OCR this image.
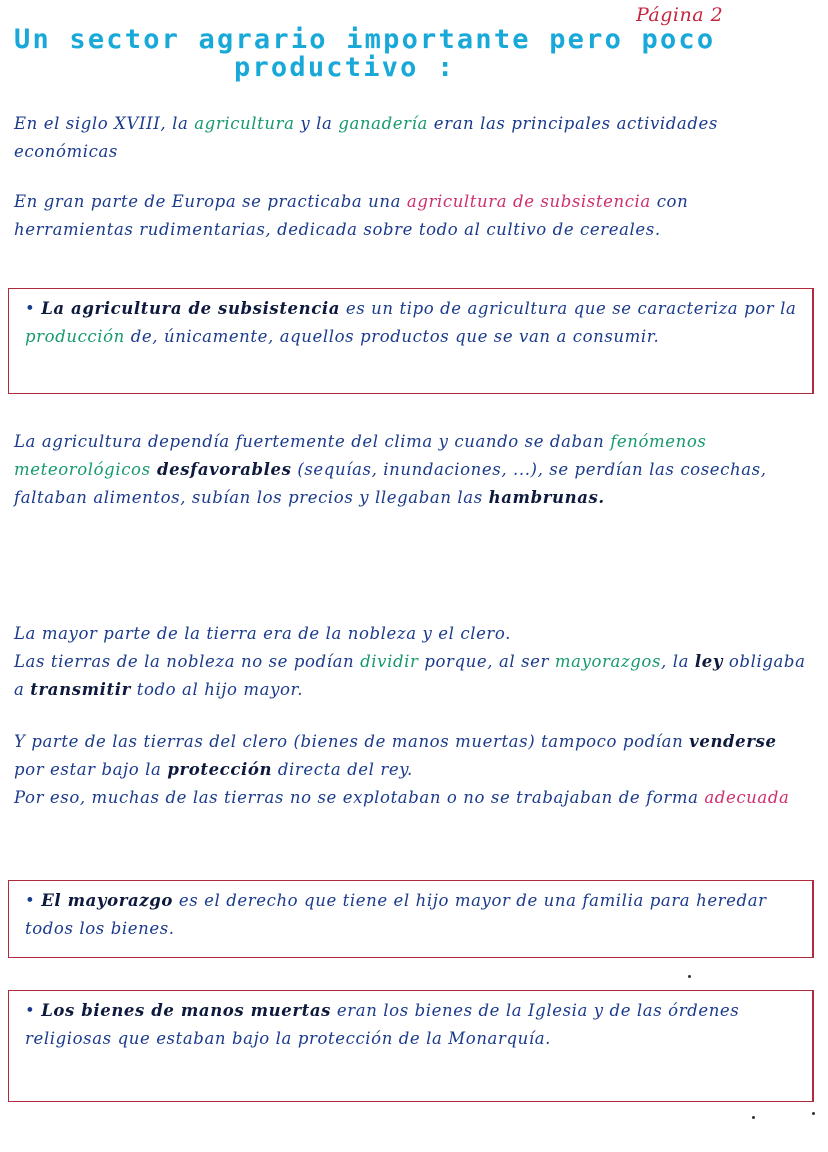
Página 2
Un sector agrario importante pero poco
productivo :

En el siglo XVIII, la agricultura y la ganadería eran las principales actividades económicas

En gran parte de Europa se practicaba una agricultura de subsistencia con herramientas rudimentarias, dedicada sobre todo al cultivo de cereales.

• La agricultura de subsistencia es un tipo de agricultura que se caracteriza por la producción de, únicamente, aquellos productos que se van a consumir.

La agricultura dependía fuertemente del clima y cuando se daban fenómenos meteorológicos desfavorables (sequías, inundaciones, ...), se perdían las cosechas, faltaban alimentos, subían los precios y llegaban las hambrunas.

La mayor parte de la tierra era de la nobleza y el clero.
Las tierras de la nobleza no se podían dividir porque, al ser mayorazgos, la ley obligaba a transmitir todo al hijo mayor.

Y parte de las tierras del clero (bienes de manos muertas) tampoco podían venderse por estar bajo la protección directa del rey.
Por eso, muchas de las tierras no se explotaban o no se trabajaban de forma adecuada

• El mayorazgo es el derecho que tiene el hijo mayor de una familia para heredar todos los bienes.

• Los bienes de manos muertas eran los bienes de la Iglesia y de las órdenes religiosas que estaban bajo la protección de la Monarquía.
